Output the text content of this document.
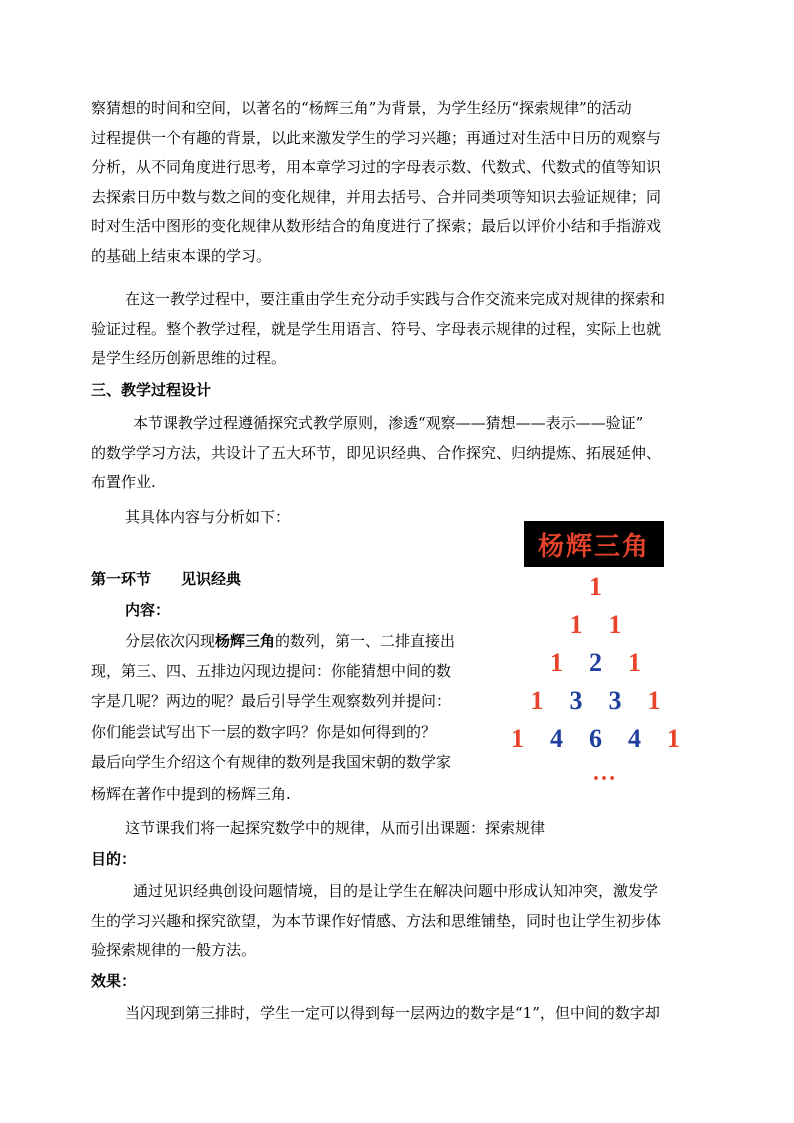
察猜想的时间和空间，以著名的“杨辉三角”为背景，为学生经历“探索规律”的活动
过程提供一个有趣的背景，以此来激发学生的学习兴趣；再通过对生活中日历的观察与
分析，从不同角度进行思考，用本章学习过的字母表示数、代数式、代数式的值等知识
去探索日历中数与数之间的变化规律，并用去括号、合并同类项等知识去验证规律；同
时对生活中图形的变化规律从数形结合的角度进行了探索；最后以评价小结和手指游戏
的基础上结束本课的学习。
在这一教学过程中，要注重由学生充分动手实践与合作交流来完成对规律的探索和
验证过程。整个教学过程，就是学生用语言、符号、字母表示规律的过程，实际上也就
是学生经历创新思维的过程。
三、教学过程设计
本节课教学过程遵循探究式教学原则，渗透“观察——猜想——表示——验证”
的数学学习方法，共设计了五大环节，即见识经典、合作探究、归纳提炼、拓展延伸、
布置作业.
其具体内容与分析如下：
第一环节　　见识经典
内容：
分层依次闪现杨辉三角的数列，第一、二排直接出
现，第三、四、五排边闪现边提问：你能猜想中间的数
字是几呢？两边的呢？最后引导学生观察数列并提问：
你们能尝试写出下一层的数字吗？你是如何得到的？
最后向学生介绍这个有规律的数列是我国宋朝的数学家
杨辉在著作中提到的杨辉三角.
这节课我们将一起探究数学中的规律，从而引出课题：探索规律
目的：
通过见识经典创设问题情境，目的是让学生在解决问题中形成认知冲突，激发学
生的学习兴趣和探究欲望，为本节课作好情感、方法和思维铺垫，同时也让学生初步体
验探索规律的一般方法。
效果：
当闪现到第三排时，学生一定可以得到每一层两边的数字是“1”，但中间的数字却
杨辉三角
1
1 1
1 2 1
1 3 3 1
1 4 6 4 1
…
